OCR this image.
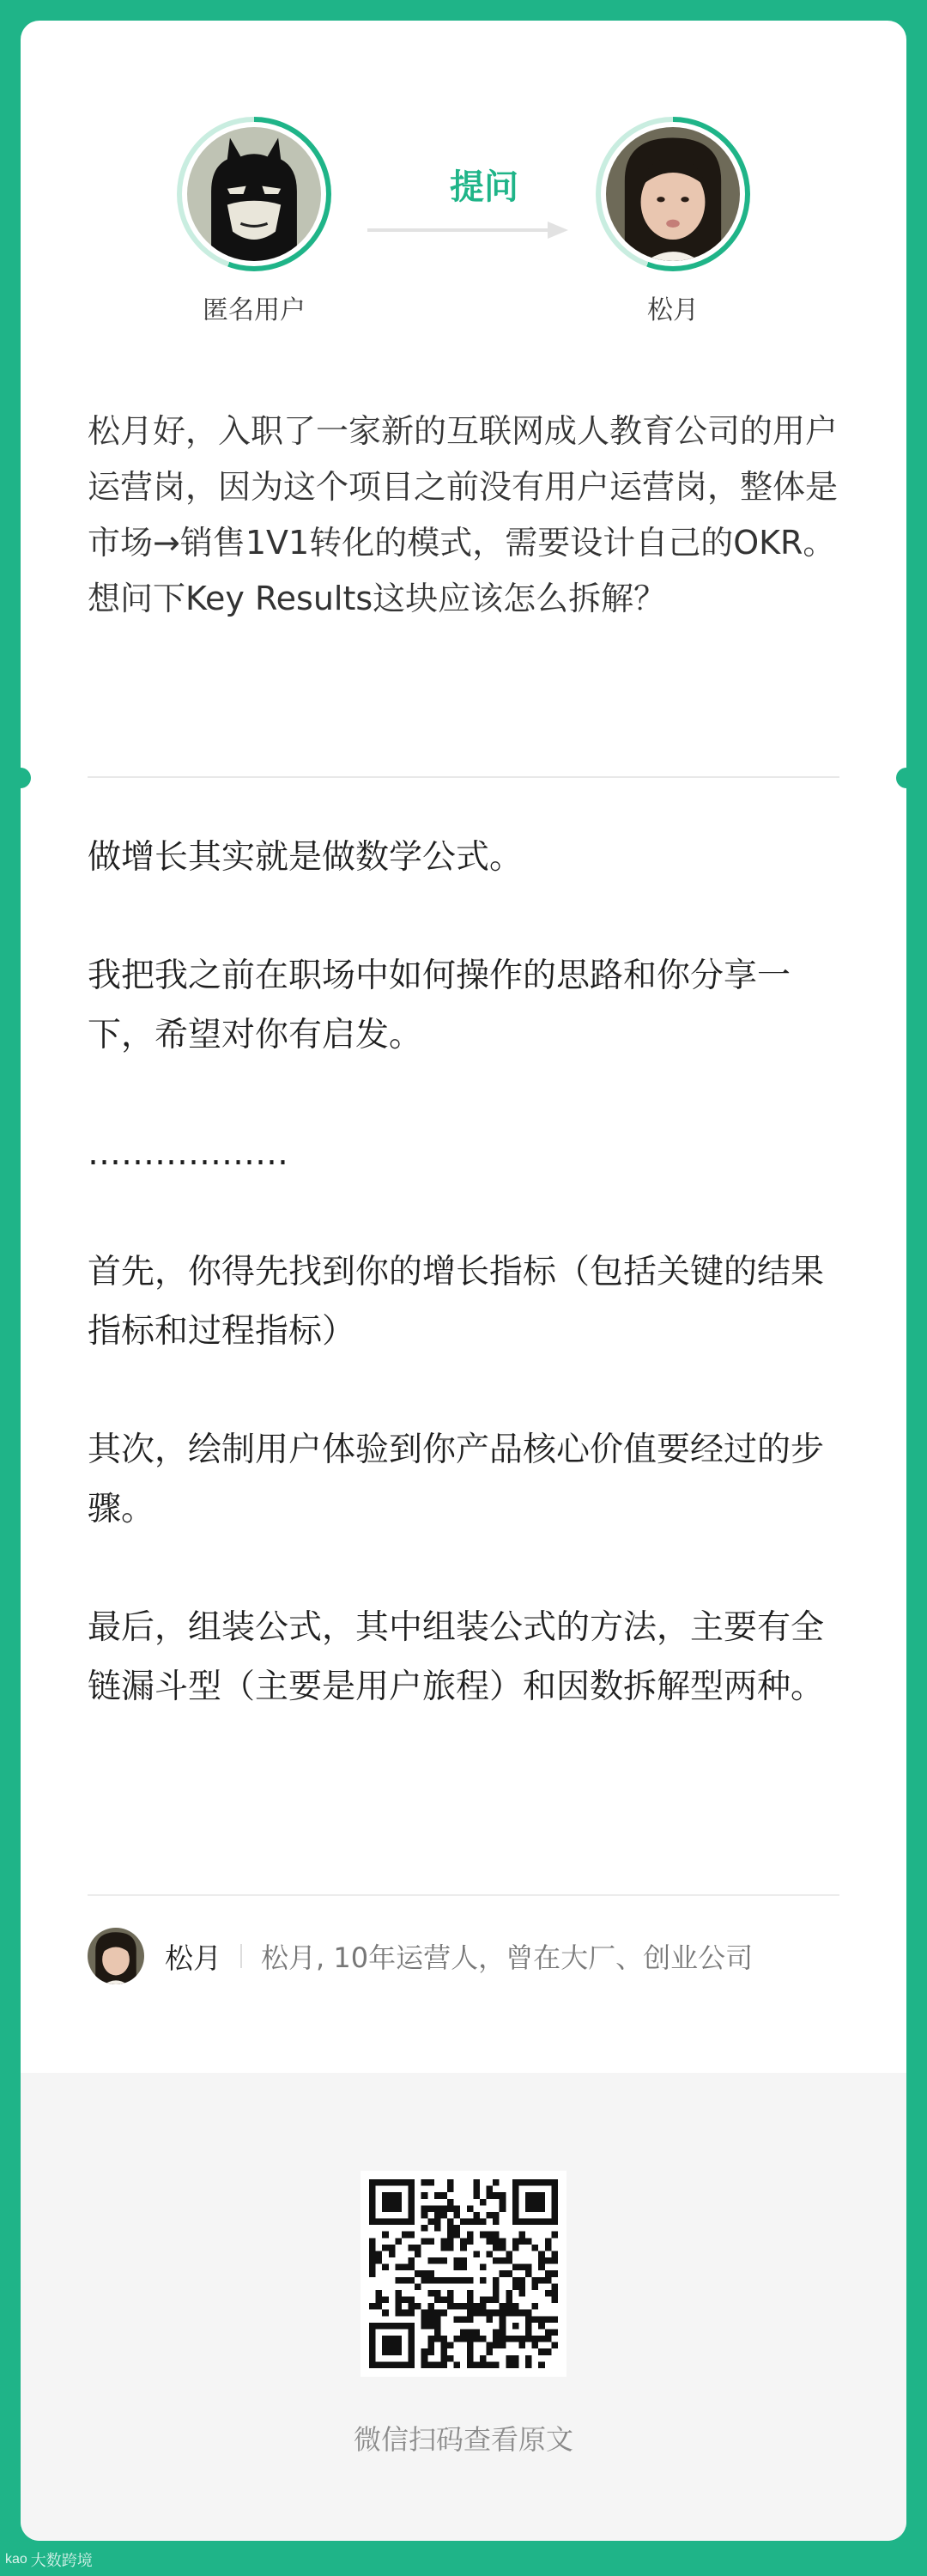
匿名用户
提问
松月
松月好，入职了一家新的互联网成人教育公司的用户运营岗，因为这个项目之前没有用户运营岗，整体是市场→销售1V1转化的模式，需要设计自己的OKR。想问下Key Results这块应该怎么拆解？

做增长其实就是做数学公式。

我把我之前在职场中如何操作的思路和你分享一下，希望对你有启发。

………………

首先，你得先找到你的增长指标（包括关键的结果指标和过程指标）

其次，绘制用户体验到你产品核心价值要经过的步骤。

最后，组装公式，其中组装公式的方法，主要有全链漏斗型（主要是用户旅程）和因数拆解型两种。

松月 松月, 10年运营人，曾在大厂、创业公司
微信扫码查看原文
kao 大数跨境
